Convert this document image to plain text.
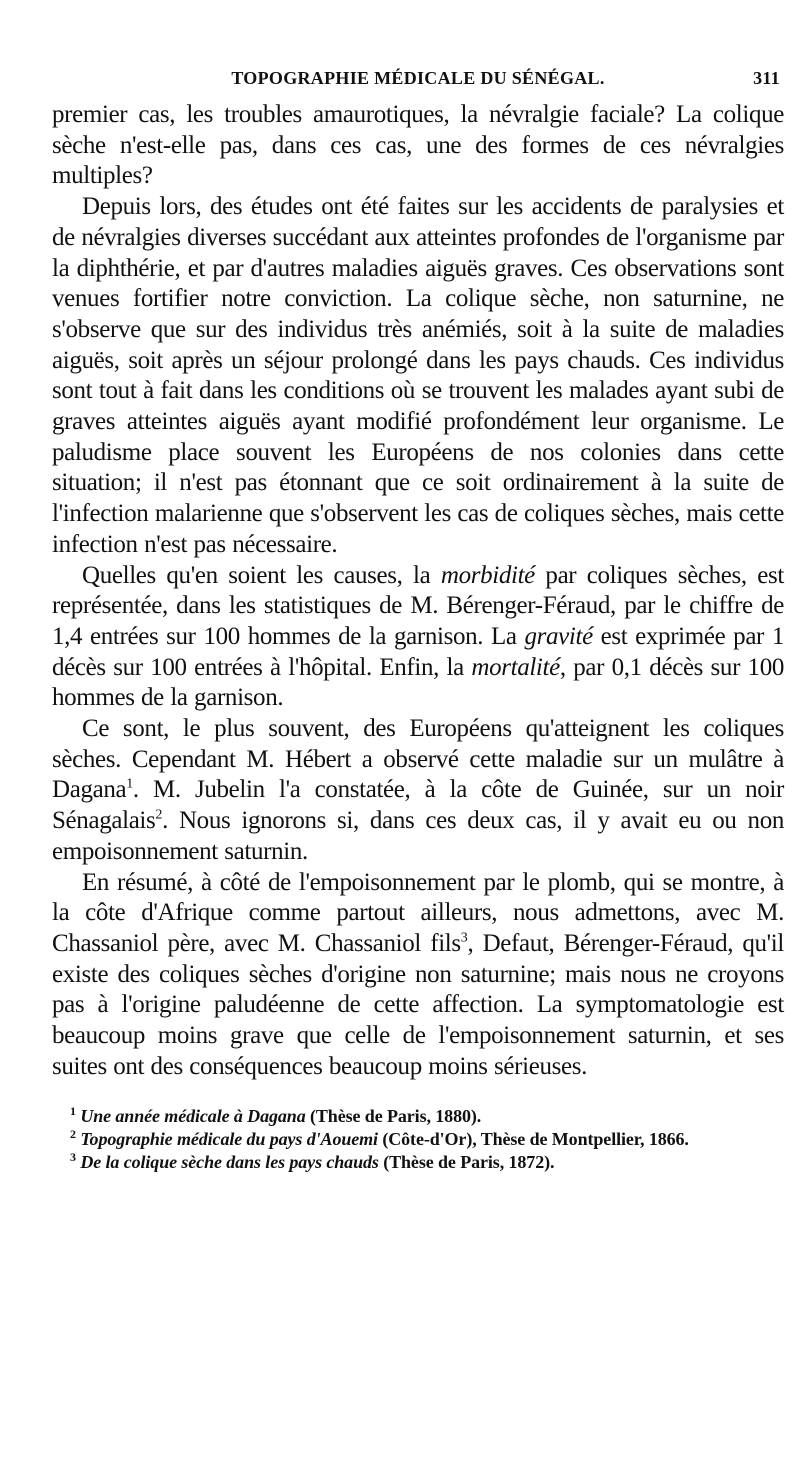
TOPOGRAPHIE MÉDICALE DU SÉNÉGAL.	311

premier cas, les troubles amaurotiques, la névralgie faciale? La colique sèche n'est-elle pas, dans ces cas, une des formes de ces névralgies multiples?

Depuis lors, des études ont été faites sur les accidents de paralysies et de névralgies diverses succédant aux atteintes profondes de l'organisme par la diphthérie, et par d'autres maladies aiguës graves. Ces observations sont venues fortifier notre conviction. La colique sèche, non saturnine, ne s'observe que sur des individus très anémiés, soit à la suite de maladies aiguës, soit après un séjour prolongé dans les pays chauds. Ces individus sont tout à fait dans les conditions où se trouvent les malades ayant subi de graves atteintes aiguës ayant modifié profondément leur organisme. Le paludisme place souvent les Européens de nos colonies dans cette situation; il n'est pas étonnant que ce soit ordinairement à la suite de l'infection malarienne que s'observent les cas de coliques sèches, mais cette infection n'est pas nécessaire.

Quelles qu'en soient les causes, la morbidité par coliques sèches, est représentée, dans les statistiques de M. Bérenger-Féraud, par le chiffre de 1,4 entrées sur 100 hommes de la garnison. La gravité est exprimée par 1 décès sur 100 entrées à l'hôpital. Enfin, la mortalité, par 0,1 décès sur 100 hommes de la garnison.

Ce sont, le plus souvent, des Européens qu'atteignent les coliques sèches. Cependant M. Hébert a observé cette maladie sur un mulâtre à Dagana$^1$. M. Jubelin l'a constatée, à la côte de Guinée, sur un noir Sénagalais$^2$. Nous ignorons si, dans ces deux cas, il y avait eu ou non empoisonnement saturnin.

En résumé, à côté de l'empoisonnement par le plomb, qui se montre, à la côte d'Afrique comme partout ailleurs, nous admettons, avec M. Chassaniol père, avec M. Chassaniol fils$^3$, Defaut, Bérenger-Féraud, qu'il existe des coliques sèches d'origine non saturnine; mais nous ne croyons pas à l'origine paludéenne de cette affection. La symptomatologie est beaucoup moins grave que celle de l'empoisonnement saturnin, et ses suites ont des conséquences beaucoup moins sérieuses.

$^1$ Une année médicale à Dagana (Thèse de Paris, 1880).

$^2$ Topographie médicale du pays d'Aouemi (Côte-d'Or), Thèse de Montpellier, 1866.

$^3$ De la colique sèche dans les pays chauds (Thèse de Paris, 1872).
